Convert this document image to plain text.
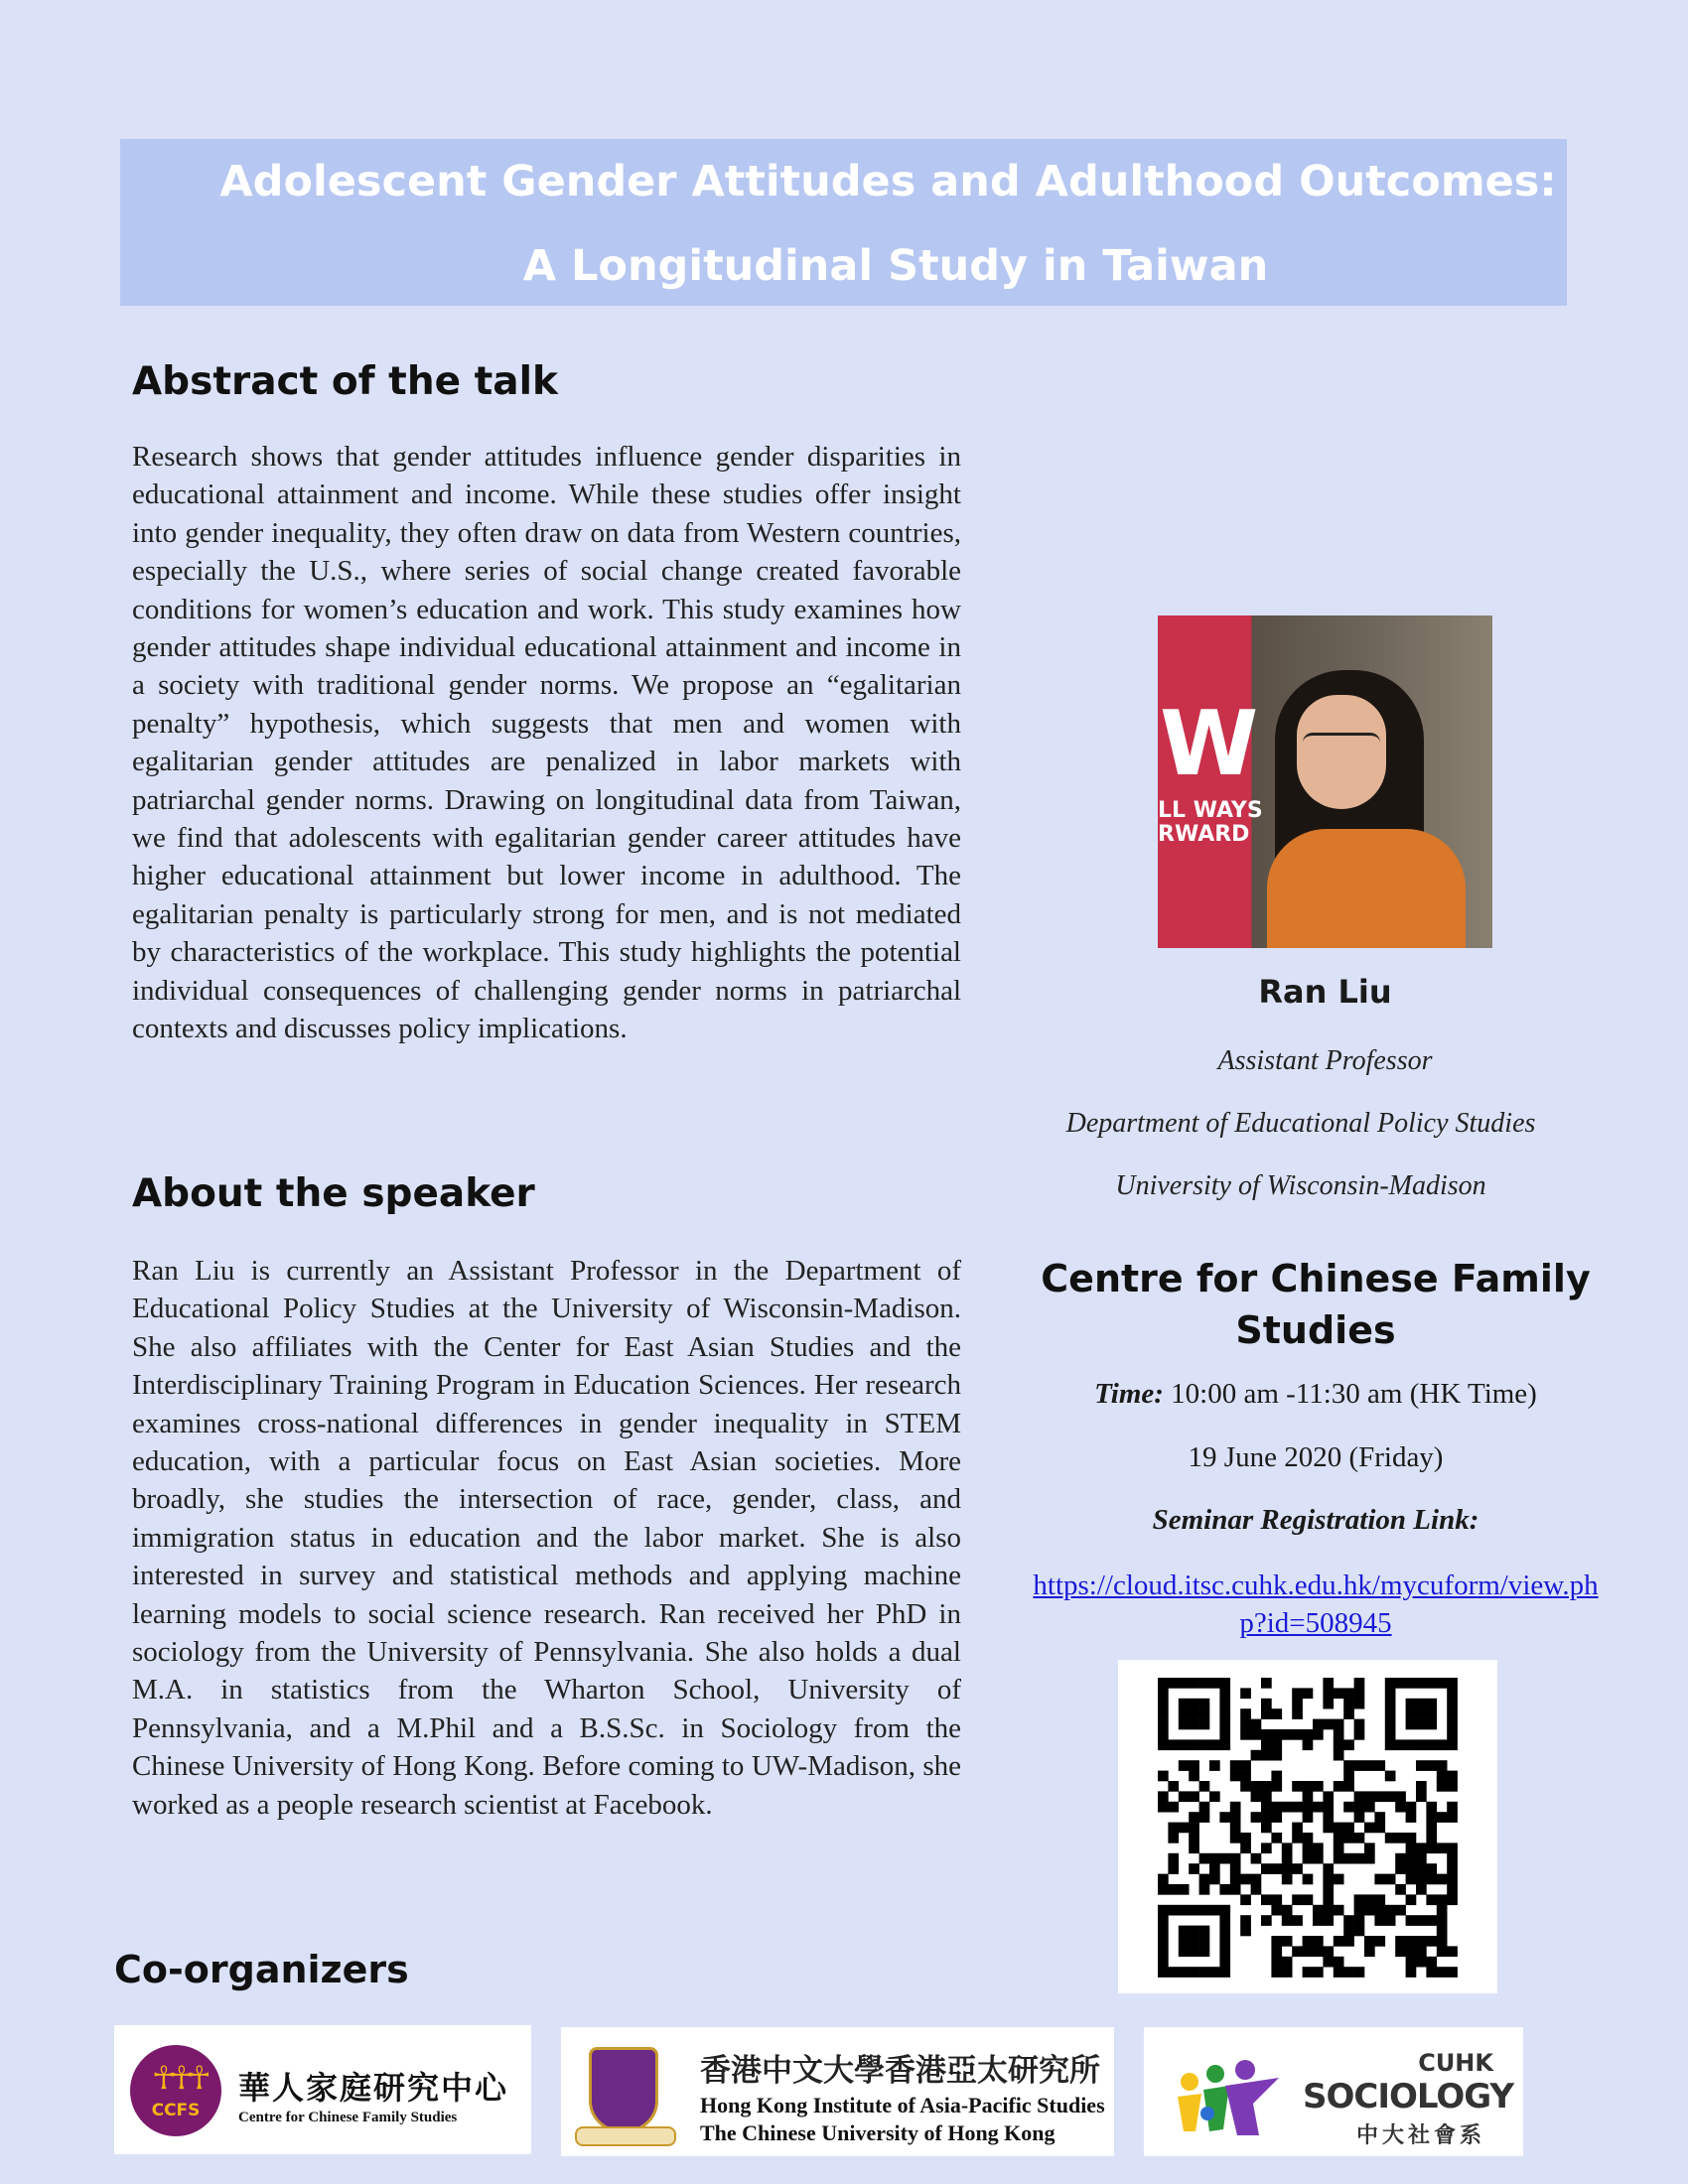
Adolescent Gender Attitudes and Adulthood Outcomes:
A Longitudinal Study in Taiwan
Abstract of the talk
Research shows that gender attitudes influence gender disparities in educational attainment and income. While these studies offer insight into gender inequality, they often draw on data from Western countries, especially the U.S., where series of social change created favorable conditions for women’s education and work. This study examines how gender attitudes shape individual educational attainment and income in a society with traditional gender norms. We propose an “egalitarian penalty” hypothesis, which suggests that men and women with egalitarian gender attitudes are penalized in labor markets with patriarchal gender norms. Drawing on longitudinal data from Taiwan, we find that adolescents with egalitarian gender career attitudes have higher educational attainment but lower income in adulthood. The egalitarian penalty is particularly strong for men, and is not mediated by characteristics of the workplace. This study highlights the potential individual consequences of challenging gender norms in patriarchal contexts and discusses policy implications.
About the speaker
Ran Liu is currently an Assistant Professor in the Department of Educational Policy Studies at the University of Wisconsin-Madison. She also affiliates with the Center for East Asian Studies and the Interdisciplinary Training Program in Education Sciences. Her research examines cross-national differences in gender inequality in STEM education, with a particular focus on East Asian societies. More broadly, she studies the intersection of race, gender, class, and immigration status in education and the labor market. She is also interested in survey and statistical methods and applying machine learning models to social science research. Ran received her PhD in sociology from the University of Pennsylvania. She also holds a dual M.A. in statistics from the Wharton School, University of Pennsylvania, and a M.Phil and a B.S.Sc. in Sociology from the Chinese University of Hong Kong. Before coming to UW-Madison, she worked as a people research scientist at Facebook.
W
LL WAYS
RWARD
Ran Liu
Assistant Professor
Department of Educational Policy Studies
University of Wisconsin-Madison
Centre for Chinese Family Studies
Time: 10:00 am -11:30 am (HK Time)
19 June 2020 (Friday)
Seminar Registration Link:
https://cloud.itsc.cuhk.edu.hk/mycuform/view.php?id=508945
Co-organizers
☥☥☥
CCFS
華人家庭研究中心
Centre for Chinese Family Studies
香港中文大學香港亞太研究所
Hong Kong Institute of Asia-Pacific Studies
The Chinese University of Hong Kong
CUHK
SOCIOLOGY
中大社會系
